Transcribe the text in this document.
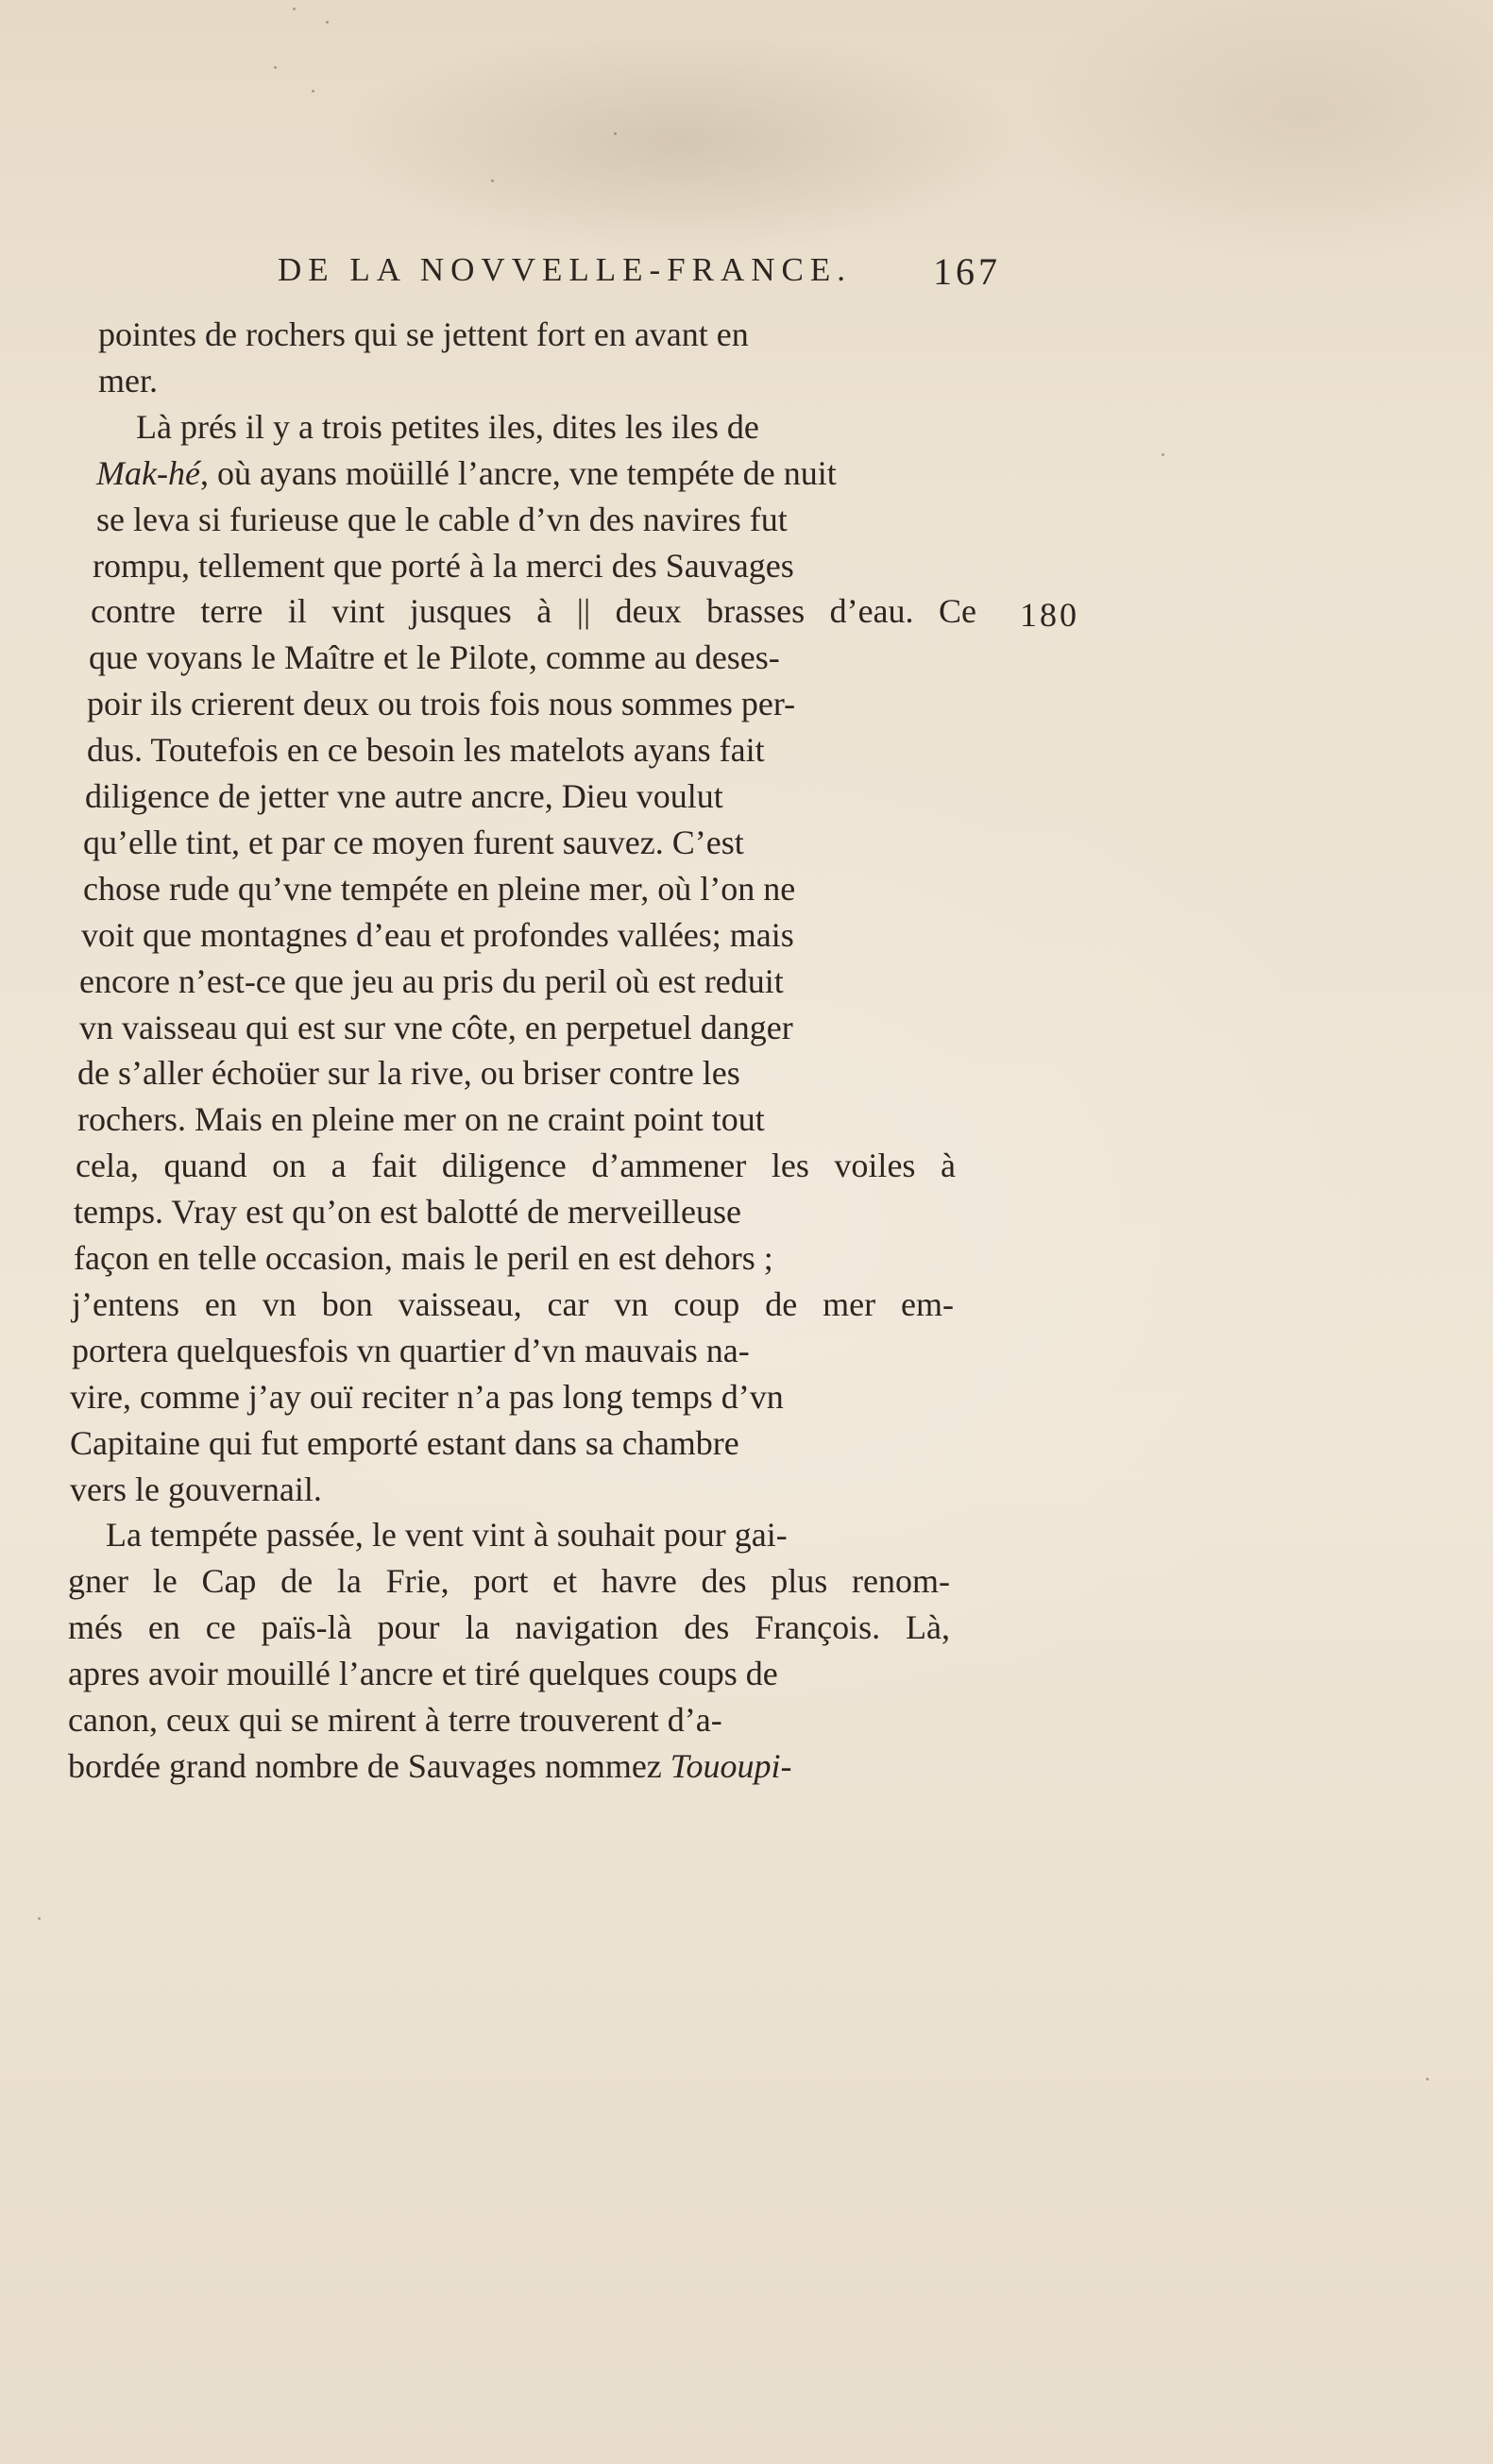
DE LA NOVVELLE-FRANCE. 167
180
pointes de rochers qui se jettent fort en avant en
mer.
Là prés il y a trois petites iles, dites les iles de
Mak-hé, où ayans moüillé l’ancre, vne tempéte de nuit
se leva si furieuse que le cable d’vn des navires fut
rompu, tellement que porté à la merci des Sauvages
contre terre il vint jusques à || deux brasses d’eau. Ce
que voyans le Maître et le Pilote, comme au deses-
poir ils crierent deux ou trois fois nous sommes per-
dus. Toutefois en ce besoin les matelots ayans fait
diligence de jetter vne autre ancre, Dieu voulut
qu’elle tint, et par ce moyen furent sauvez. C’est
chose rude qu’vne tempéte en pleine mer, où l’on ne
voit que montagnes d’eau et profondes vallées; mais
encore n’est-ce que jeu au pris du peril où est reduit
vn vaisseau qui est sur vne côte, en perpetuel danger
de s’aller échoüer sur la rive, ou briser contre les
rochers. Mais en pleine mer on ne craint point tout
cela, quand on a fait diligence d’ammener les voiles à
temps. Vray est qu’on est balotté de merveilleuse
façon en telle occasion, mais le peril en est dehors ;
j’entens en vn bon vaisseau, car vn coup de mer em-
portera quelquesfois vn quartier d’vn mauvais na-
vire, comme j’ay ouï reciter n’a pas long temps d’vn
Capitaine qui fut emporté estant dans sa chambre
vers le gouvernail.
La tempéte passée, le vent vint à souhait pour gai-
gner le Cap de la Frie, port et havre des plus renom-
més en ce païs-là pour la navigation des François. Là,
apres avoir mouillé l’ancre et tiré quelques coups de
canon, ceux qui se mirent à terre trouverent d’a-
bordée grand nombre de Sauvages nommez Tououpi-
